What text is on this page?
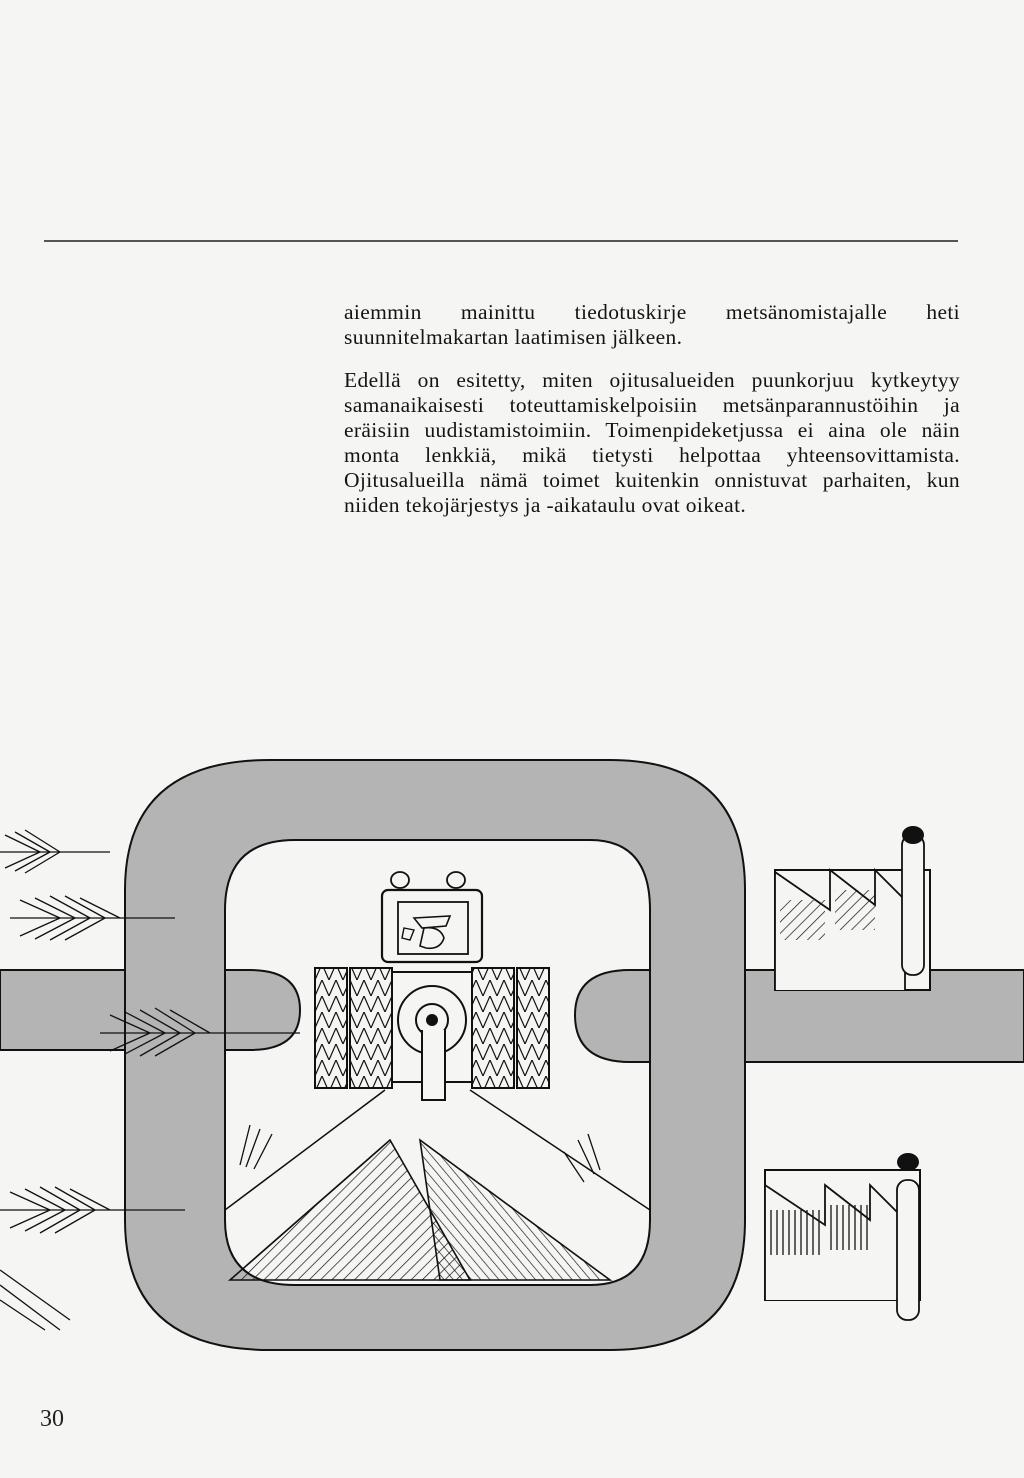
aiemmin mainittu tiedotuskirje metsänomistajalle heti suunnitelmakartan laatimisen jälkeen.

Edellä on esitetty, miten ojitusalueiden puunkorjuu kytkeytyy samanaikaisesti toteuttamiskelpoisiin metsänparannustöihin ja eräisiin uudistamistoimiin. Toimenpideketjussa ei aina ole näin monta lenkkiä, mikä tietysti helpottaa yhteensovittamista. Ojitusalueilla nämä toimet kuitenkin onnistuvat parhaiten, kun niiden tekojärjestys ja -aikataulu ovat oikeat.

30
